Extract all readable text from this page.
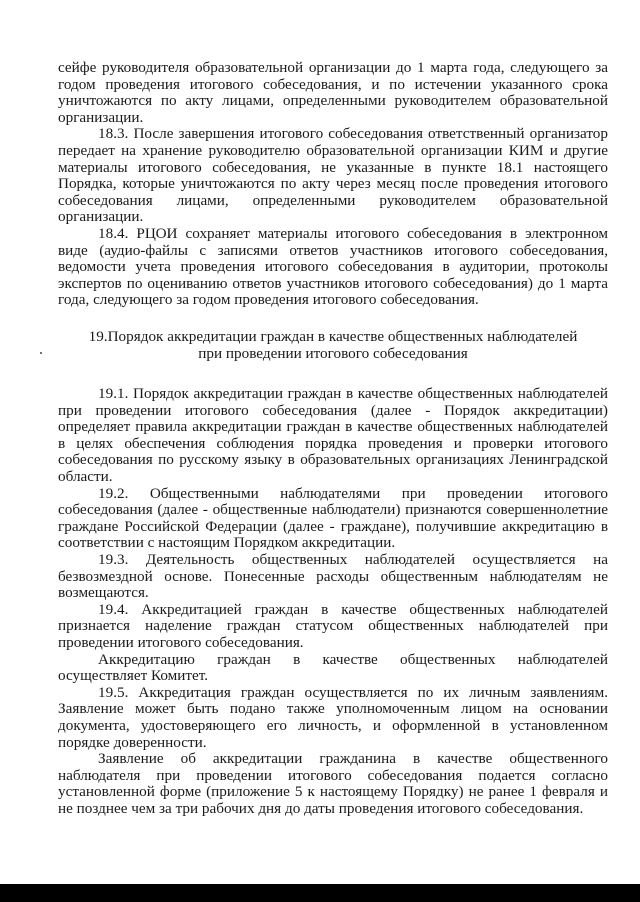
сейфе руководителя образовательной организации до 1 марта года, следующего за годом проведения итогового собеседования, и по истечении указанного срока уничтожаются по акту лицами, определенными руководителем образовательной организации.

18.3. После завершения итогового собеседования ответственный организатор передает на хранение руководителю образовательной организации КИМ и другие материалы итогового собеседования, не указанные в пункте 18.1 настоящего Порядка, которые уничтожаются по акту через месяц после проведения итогового собеседования лицами, определенными руководителем образовательной организации.

18.4. РЦОИ сохраняет материалы итогового собеседования в электронном виде (аудио-файлы с записями ответов участников итогового собеседования, ведомости учета проведения итогового собеседования в аудитории, протоколы экспертов по оцениванию ответов участников итогового собеседования) до 1 марта года, следующего за годом проведения итогового собеседования.

19.Порядок аккредитации граждан в качестве общественных наблюдателей
при проведении итогового собеседования

19.1. Порядок аккредитации граждан в качестве общественных наблюдателей при проведении итогового собеседования (далее - Порядок аккредитации) определяет правила аккредитации граждан в качестве общественных наблюдателей в целях обеспечения соблюдения порядка проведения и проверки итогового собеседования по русскому языку в образовательных организациях Ленинградской области.

19.2. Общественными наблюдателями при проведении итогового собеседования (далее - общественные наблюдатели) признаются совершеннолетние граждане Российской Федерации (далее - граждане), получившие аккредитацию в соответствии с настоящим Порядком аккредитации.

19.3. Деятельность общественных наблюдателей осуществляется на безвозмездной основе. Понесенные расходы общественным наблюдателям не возмещаются.

19.4. Аккредитацией граждан в качестве общественных наблюдателей признается наделение граждан статусом общественных наблюдателей при проведении итогового собеседования.

Аккредитацию граждан в качестве общественных наблюдателей осуществляет Комитет.

19.5. Аккредитация граждан осуществляется по их личным заявлениям. Заявление может быть подано также уполномоченным лицом на основании документа, удостоверяющего его личность, и оформленной в установленном порядке доверенности.

Заявление об аккредитации гражданина в качестве общественного наблюдателя при проведении итогового собеседования подается согласно установленной форме (приложение 5 к настоящему Порядку) не ранее 1 февраля и не позднее чем за три рабочих дня до даты проведения итогового собеседования.
